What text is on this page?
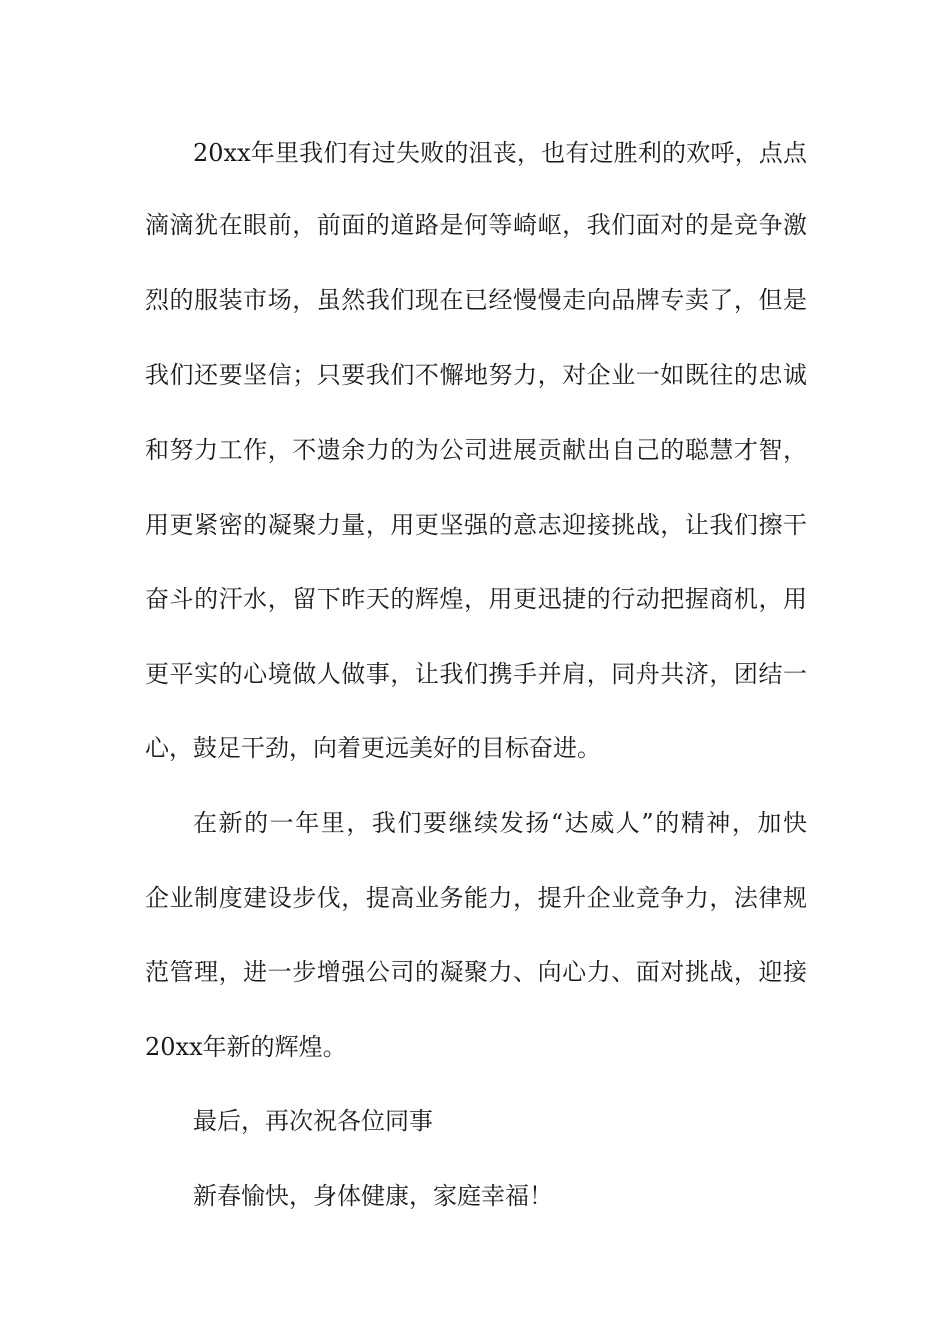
20xx年里我们有过失败的沮丧，也有过胜利的欢呼，点点
滴滴犹在眼前，前面的道路是何等崎岖，我们面对的是竞争激
烈的服装市场，虽然我们现在已经慢慢走向品牌专卖了，但是
我们还要坚信；只要我们不懈地努力，对企业一如既往的忠诚
和努力工作，不遗余力的为公司进展贡献出自己的聪慧才智，
用更紧密的凝聚力量，用更坚强的意志迎接挑战，让我们擦干
奋斗的汗水，留下昨天的辉煌，用更迅捷的行动把握商机，用
更平实的心境做人做事，让我们携手并肩，同舟共济，团结一
心，鼓足干劲，向着更远美好的目标奋进。
在新的一年里，我们要继续发扬“达威人”的精神，加快
企业制度建设步伐，提高业务能力，提升企业竞争力，法律规
范管理，进一步增强公司的凝聚力、向心力、面对挑战，迎接
20xx年新的辉煌。
最后，再次祝各位同事
新春愉快，身体健康，家庭幸福！
